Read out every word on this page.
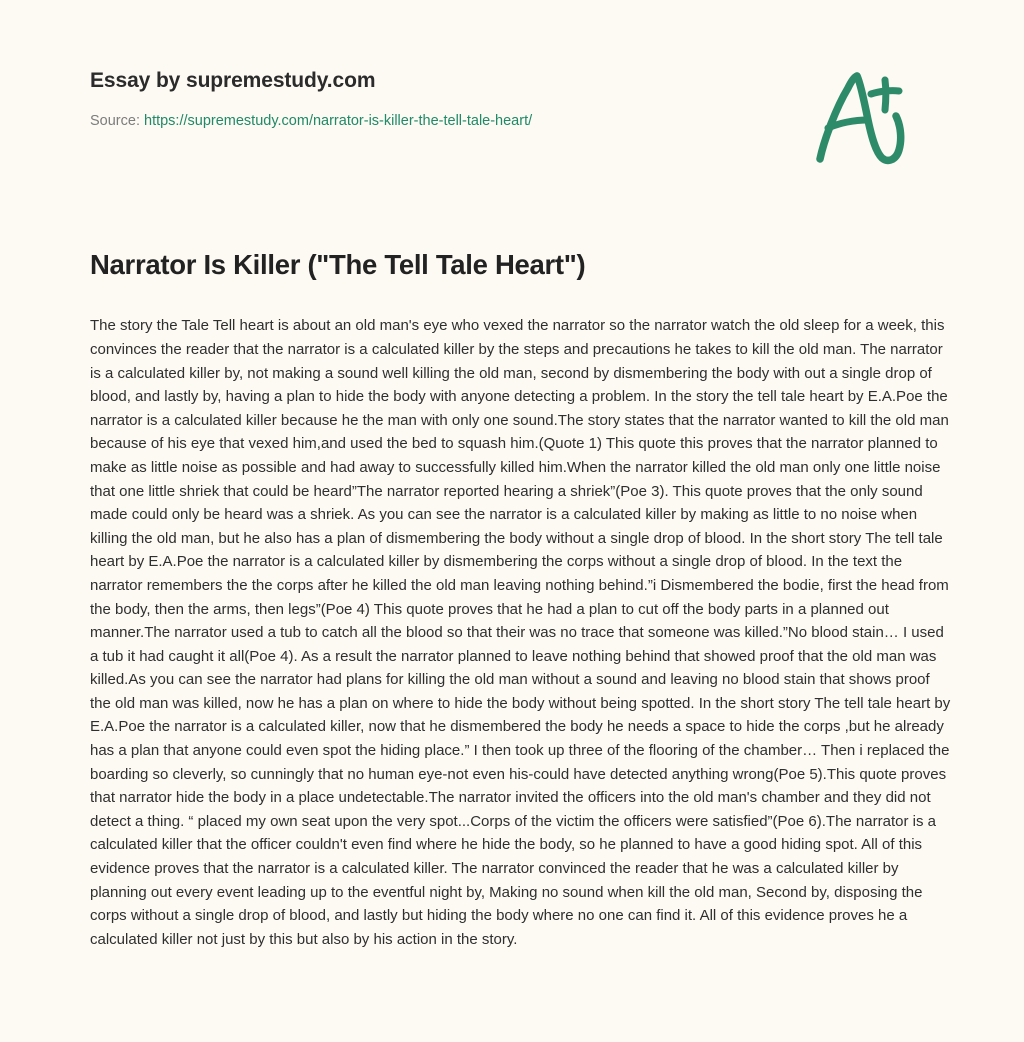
Essay by supremestudy.com
Source: https://supremestudy.com/narrator-is-killer-the-tell-tale-heart/
Narrator Is Killer ("The Tell Tale Heart")

The story the Tale Tell heart is about an old man's eye who vexed the narrator so the narrator watch the old sleep for a week, this convinces the reader that the narrator is a calculated killer by the steps and precautions he takes to kill the old man. The narrator is a calculated killer by, not making a sound well killing the old man, second by dismembering the body with out a single drop of blood, and lastly by, having a plan to hide the body with anyone detecting a problem. In the story the tell tale heart by E.A.Poe the narrator is a calculated killer because he the man with only one sound.The story states that the narrator wanted to kill the old man because of his eye that vexed him,and used the bed to squash him.(Quote 1) This quote this proves that the narrator planned to make as little noise as possible and had away to successfully killed him.When the narrator killed the old man only one little noise that one little shriek that could be heard”The narrator reported hearing a shriek”(Poe 3). This quote proves that the only sound made could only be heard was a shriek. As you can see the narrator is a calculated killer by making as little to no noise when killing the old man, but he also has a plan of dismembering the body without a single drop of blood. In the short story The tell tale heart by E.A.Poe the narrator is a calculated killer by dismembering the corps without a single drop of blood. In the text the narrator remembers the the corps after he killed the old man leaving nothing behind.”i Dismembered the bodie, first the head from the body, then the arms, then legs”(Poe 4) This quote proves that he had a plan to cut off the body parts in a planned out manner.The narrator used a tub to catch all the blood so that their was no trace that someone was killed.”No blood stain… I used a tub it had caught it all(Poe 4). As a result the narrator planned to leave nothing behind that showed proof that the old man was killed.As you can see the narrator had plans for killing the old man without a sound and leaving no blood stain that shows proof the old man was killed, now he has a plan on where to hide the body without being spotted. In the short story The tell tale heart by E.A.Poe the narrator is a calculated killer, now that he dismembered the body he needs a space to hide the corps ,but he already has a plan that anyone could even spot the hiding place.” I then took up three of the flooring of the chamber… Then i replaced the boarding so cleverly, so cunningly that no human eye-not even his-could have detected anything wrong(Poe 5).This quote proves that narrator hide the body in a place undetectable.The narrator invited the officers into the old man's chamber and they did not detect a thing. “ placed my own seat upon the very spot...Corps of the victim the officers were satisfied”(Poe 6).The narrator is a calculated killer that the officer couldn't even find where he hide the body, so he planned to have a good hiding spot. All of this evidence proves that the narrator is a calculated killer. The narrator convinced the reader that he was a calculated killer by planning out every event leading up to the eventful night by, Making no sound when kill the old man, Second by, disposing the corps without a single drop of blood, and lastly but hiding the body where no one can find it. All of this evidence proves he a calculated killer not just by this but also by his action in the story.
